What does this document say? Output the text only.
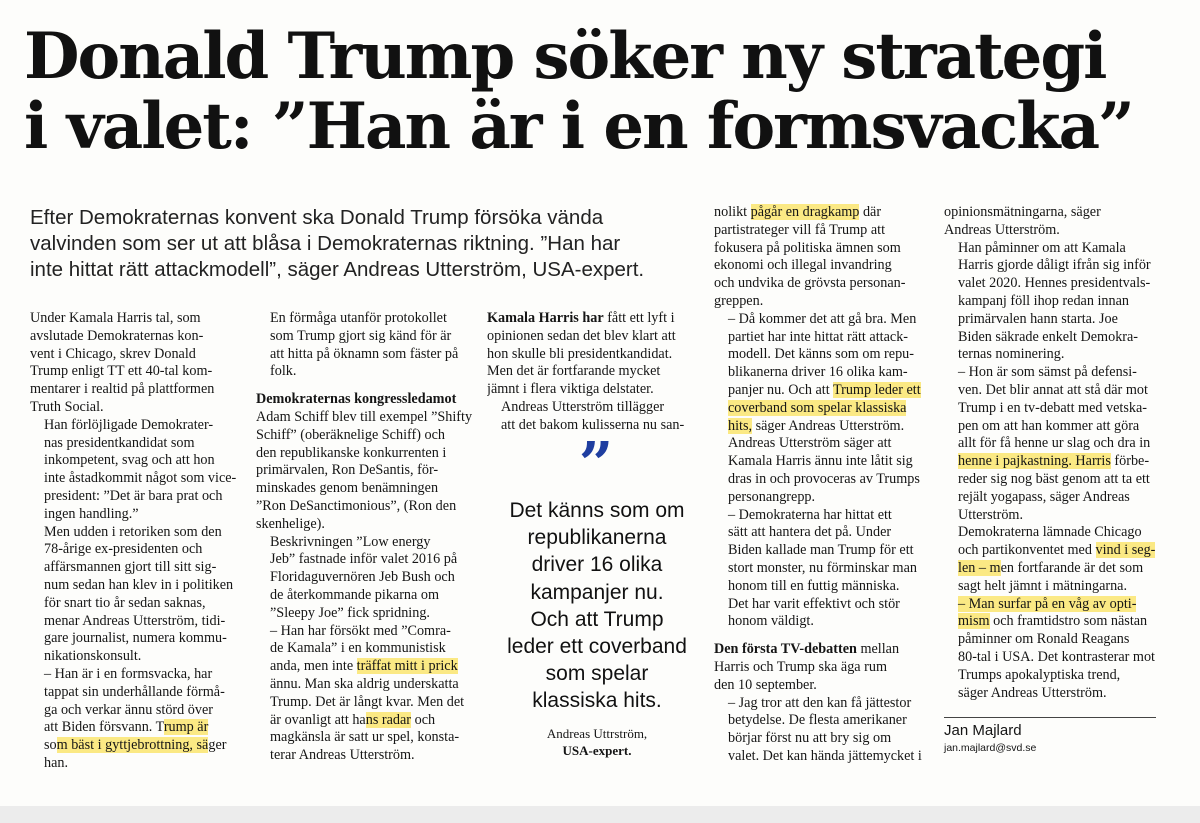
Donald Trump söker ny strategi
i valet: ”Han är i en formsvacka”
Efter Demokraternas konvent ska Donald Trump försöka vända
valvinden som ser ut att blåsa i Demokraternas riktning. ”Han har
inte hittat rätt attackmodell”, säger Andreas Utterström, USA-expert.

Under Kamala Harris tal, som
avslutade Demokraternas kon-
vent i Chicago, skrev Donald
Trump enligt TT ett 40-tal kom-
mentarer i realtid på plattformen
Truth Social.

Han förlöjligade Demokrater-
nas presidentkandidat som
inkompetent, svag och att hon
inte åstadkommit något som vice-
president: ”Det är bara prat och
ingen handling.”

Men udden i retoriken som den
78-årige ex-presidenten och
affärsmannen gjort till sitt sig-
num sedan han klev in i politiken
för snart tio år sedan saknas,
menar Andreas Utterström, tidi-
gare journalist, numera kommu-
nikationskonsult.

– Han är i en formsvacka, har
tappat sin underhållande förmå-
ga och verkar ännu störd över
att Biden försvann. Trump är
som bäst i gyttjebrottning, säger
han.

En förmåga utanför protokollet
som Trump gjort sig känd för är
att hitta på öknamn som fäster på
folk.

Demokraternas kongressledamot
Adam Schiff blev till exempel ”Shifty
Schiff” (oberäknelige Schiff) och
den republikanske konkurrenten i
primärvalen, Ron DeSantis, för-
minskades genom benämningen
”Ron DeSanctimonious”, (Ron den
skenhelige).

Beskrivningen ”Low energy
Jeb” fastnade inför valet 2016 på
Floridaguvernören Jeb Bush och
de återkommande pikarna om
”Sleepy Joe” fick spridning.

– Han har försökt med ”Comra-
de Kamala” i en kommunistisk
anda, men inte träffat mitt i prick
ännu. Man ska aldrig underskatta
Trump. Det är långt kvar. Men det
är ovanligt att hans radar och
magkänsla är satt ur spel, konsta-
terar Andreas Utterström.

Kamala Harris har fått ett lyft i
opinionen sedan det blev klart att
hon skulle bli presidentkandidat.
Men det är fortfarande mycket
jämnt i flera viktiga delstater.

Andreas Utterström tillägger
att det bakom kulisserna nu san-

nolikt pågår en dragkamp där
partistrateger vill få Trump att
fokusera på politiska ämnen som
ekonomi och illegal invandring
och undvika de grövsta personan-
greppen.

– Då kommer det att gå bra. Men
partiet har inte hittat rätt attack-
modell. Det känns som om repu-
blikanerna driver 16 olika kam-
panjer nu. Och att Trump leder ett
coverband som spelar klassiska
hits, säger Andreas Utterström.

Andreas Utterström säger att
Kamala Harris ännu inte låtit sig
dras in och provoceras av Trumps
personangrepp.

– Demokraterna har hittat ett
sätt att hantera det på. Under
Biden kallade man Trump för ett
stort monster, nu förminskar man
honom till en futtig människa.
Det har varit effektivt och stör
honom väldigt.

Den första TV-debatten mellan
Harris och Trump ska äga rum
den 10 september.

– Jag tror att den kan få jättestor
betydelse. De flesta amerikaner
börjar först nu att bry sig om
valet. Det kan hända jättemycket i

opinionsmätningarna, säger
Andreas Utterström.

Han påminner om att Kamala
Harris gjorde dåligt ifrån sig inför
valet 2020. Hennes presidentvals-
kampanj föll ihop redan innan
primärvalen hann starta. Joe
Biden säkrade enkelt Demokra-
ternas nominering.

– Hon är som sämst på defensi-
ven. Det blir annat att stå där mot
Trump i en tv-debatt med vetska-
pen om att han kommer att göra
allt för få henne ur slag och dra in
henne i pajkastning. Harris förbe-
reder sig nog bäst genom att ta ett
rejält yogapass, säger Andreas
Utterström.

Demokraterna lämnade Chicago
och partikonventet med vind i seg-
len – men fortfarande är det som
sagt helt jämnt i mätningarna.

– Man surfar på en våg av opti-
mism och framtidstro som nästan
påminner om Ronald Reagans
80-tal i USA. Det kontrasterar mot
Trumps apokalyptiska trend,
säger Andreas Utterström.

”
Det känns som om
republikanerna
driver 16 olika
kampanjer nu.
Och att Trump
leder ett coverband
som spelar
klassiska hits.
Andreas Uttrström,
USA-expert.
Jan Majlard
jan.majlard@svd.se
